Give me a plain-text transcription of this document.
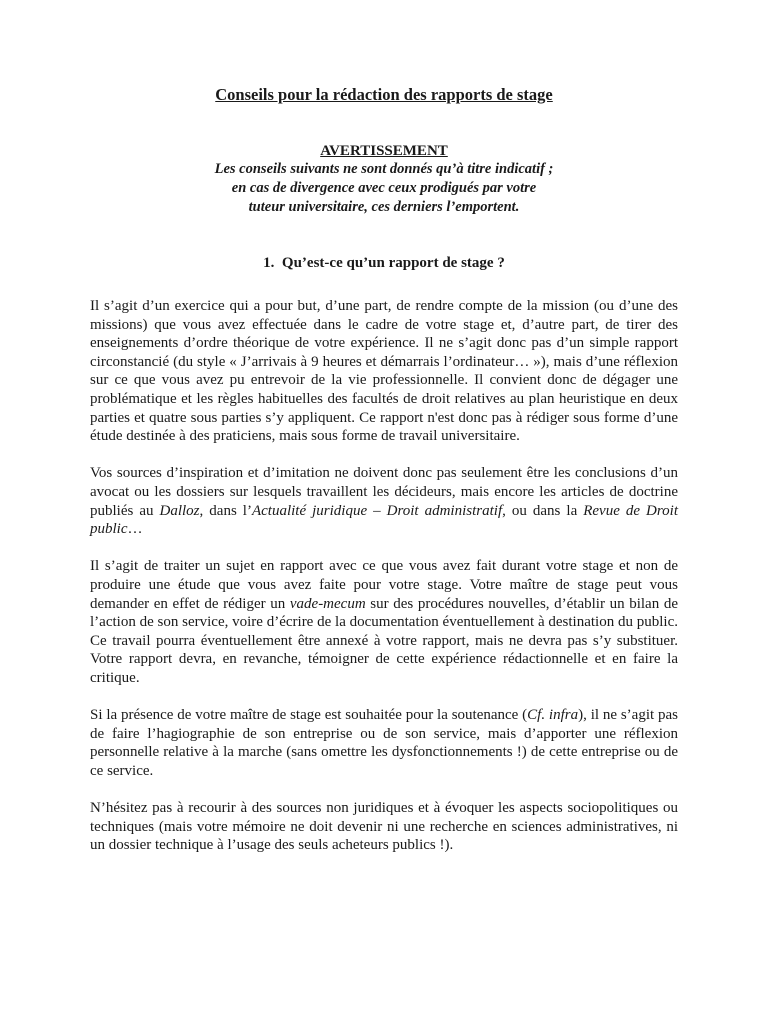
Conseils pour la rédaction des rapports de stage

AVERTISSEMENT

Les conseils suivants ne sont donnés qu’à titre indicatif ;

en cas de divergence avec ceux prodigués par votre

tuteur universitaire, ces derniers l’emportent.

1. Qu’est-ce qu’un rapport de stage ?

Il s’agit d’un exercice qui a pour but, d’une part, de rendre compte de la mission (ou d’une des missions) que vous avez effectuée dans le cadre de votre stage et, d’autre part, de tirer des enseignements d’ordre théorique de votre expérience. Il ne s’agit donc pas d’un simple rapport circonstancié (du style « J’arrivais à 9 heures et démarrais l’ordinateur… »), mais d’une réflexion sur ce que vous avez pu entrevoir de la vie professionnelle. Il convient donc de dégager une problématique et les règles habituelles des facultés de droit relatives au plan heuristique en deux parties et quatre sous parties s’y appliquent. Ce rapport n'est donc pas à rédiger sous forme d’une étude destinée à des praticiens, mais sous forme de travail universitaire.

Vos sources d’inspiration et d’imitation ne doivent donc pas seulement être les conclusions d’un avocat ou les dossiers sur lesquels travaillent les décideurs, mais encore les articles de doctrine publiés au Dalloz, dans l’Actualité juridique – Droit administratif, ou dans la Revue de Droit public…

Il s’agit de traiter un sujet en rapport avec ce que vous avez fait durant votre stage et non de produire une étude que vous avez faite pour votre stage. Votre maître de stage peut vous demander en effet de rédiger un vade-mecum sur des procédures nouvelles, d’établir un bilan de l’action de son service, voire d’écrire de la documentation éventuellement à destination du public. Ce travail pourra éventuellement être annexé à votre rapport, mais ne devra pas s’y substituer. Votre rapport devra, en revanche, témoigner de cette expérience rédactionnelle et en faire la critique.

Si la présence de votre maître de stage est souhaitée pour la soutenance (Cf. infra), il ne s’agit pas de faire l’hagiographie de son entreprise ou de son service, mais d’apporter une réflexion personnelle relative à la marche (sans omettre les dysfonctionnements !) de cette entreprise ou de ce service.

N’hésitez pas à recourir à des sources non juridiques et à évoquer les aspects sociopolitiques ou techniques (mais votre mémoire ne doit devenir ni une recherche en sciences administratives, ni un dossier technique à l’usage des seuls acheteurs publics !).
